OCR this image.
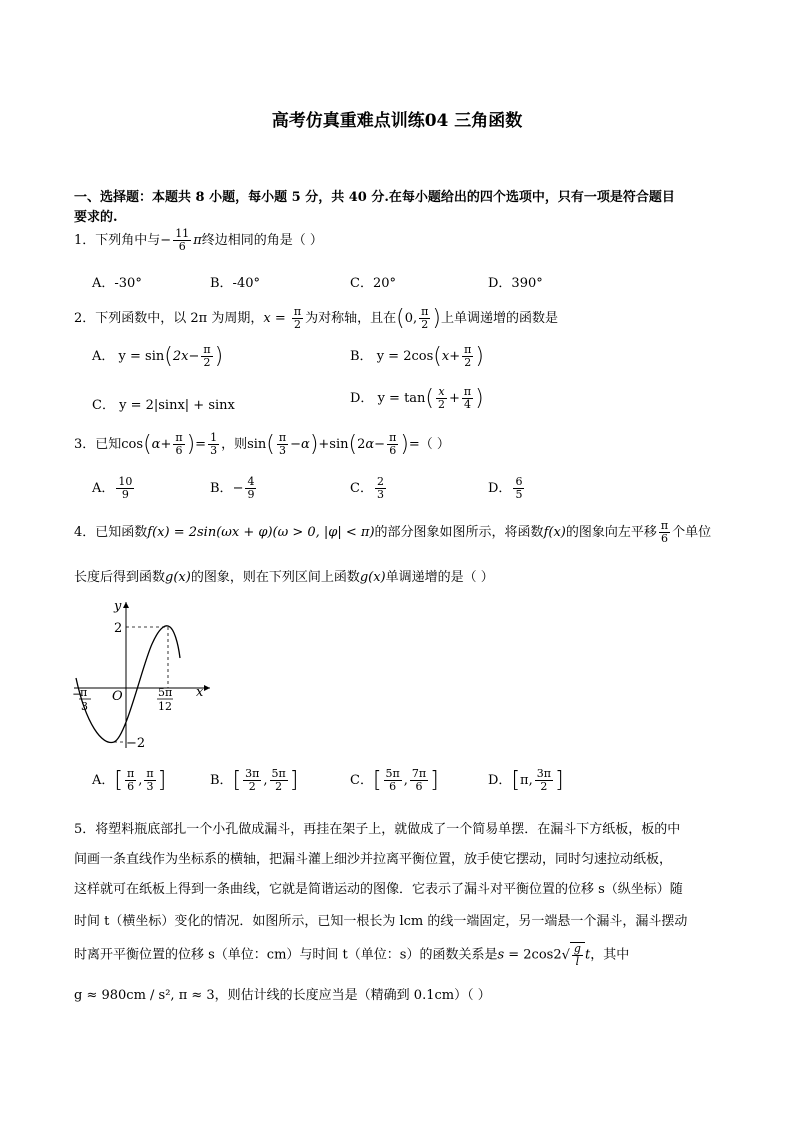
高考仿真重难点训练04 三角函数
一、选择题：本题共 8 小题，每小题 5 分，共 40 分.在每小题给出的四个选项中，只有一项是符合题目
要求的.
1．下列角中与− $\frac{11}{6}$ π终边相同的角是（ ）
A．-30°	B．-40°	C．20°	D．390°
2．下列函数中，以 2π 为周期，$x = \frac{\pi}{2}$ 为对称轴，且在(0, $\frac{\pi}{2}$ )上单调递增的函数是
A． $y = \sin(2x- \frac{\pi}{2}$ )	B． $y = 2\cos(x+ \frac{\pi}{2}$ )
C． y = 2|sinx| + sinx	D． $y = \tan( \frac{x}{2} + \frac{\pi}{4}$ )
3．已知$\cos(\alpha+ \frac{\pi}{6}$ )= $\frac{1}{3}$ ，则$\sin( \frac{\pi}{3} -\alpha)+\sin(2\alpha- \frac{\pi}{6}$ )=（ ）
A． $\frac{10}{9}$	B．− $\frac{4}{9}$	C． $\frac{2}{3}$	D． $\frac{6}{5}$
4．已知函数f(x) = 2sin(ωx + φ)(ω > 0, |φ| < π)的部分图象如图所示，将函数f(x)的图象向左平移 $\frac{\pi}{6}$ 个单位
长度后得到函数g(x)的图象，则在下列区间上函数g(x)单调递增的是（ ）
y
x
O
2
−2
−
π
3
5π
12
A．[ $\frac{\pi}{6}$ , $\frac{\pi}{3}$ ]	B．[ $\frac{3\pi}{2}$ , $\frac{5\pi}{2}$ ]	C．[ $\frac{5\pi}{6}$ , $\frac{7\pi}{6}$ ]	D．[π, $\frac{3\pi}{2}$ ]
5．将塑料瓶底部扎一个小孔做成漏斗，再挂在架子上，就做成了一个简易单摆．在漏斗下方纸板，板的中
间画一条直线作为坐标系的横轴，把漏斗灌上细沙并拉离平衡位置，放手使它摆动，同时匀速拉动纸板，
这样就可在纸板上得到一条曲线，它就是简谐运动的图像．它表示了漏斗对平衡位置的位移 s（纵坐标）随
时间 t（横坐标）变化的情况．如图所示，已知一根长为 lcm 的线一端固定，另一端悬一个漏斗，漏斗摆动
时离开平衡位置的位移 s（单位：cm）与时间 t（单位：s）的函数关系是s = 2cos2 √ $\frac{g}{l}$ t，其中
g ≈ 980cm / s², π ≈ 3，则估计线的长度应当是（精确到 0.1cm）（ ）
